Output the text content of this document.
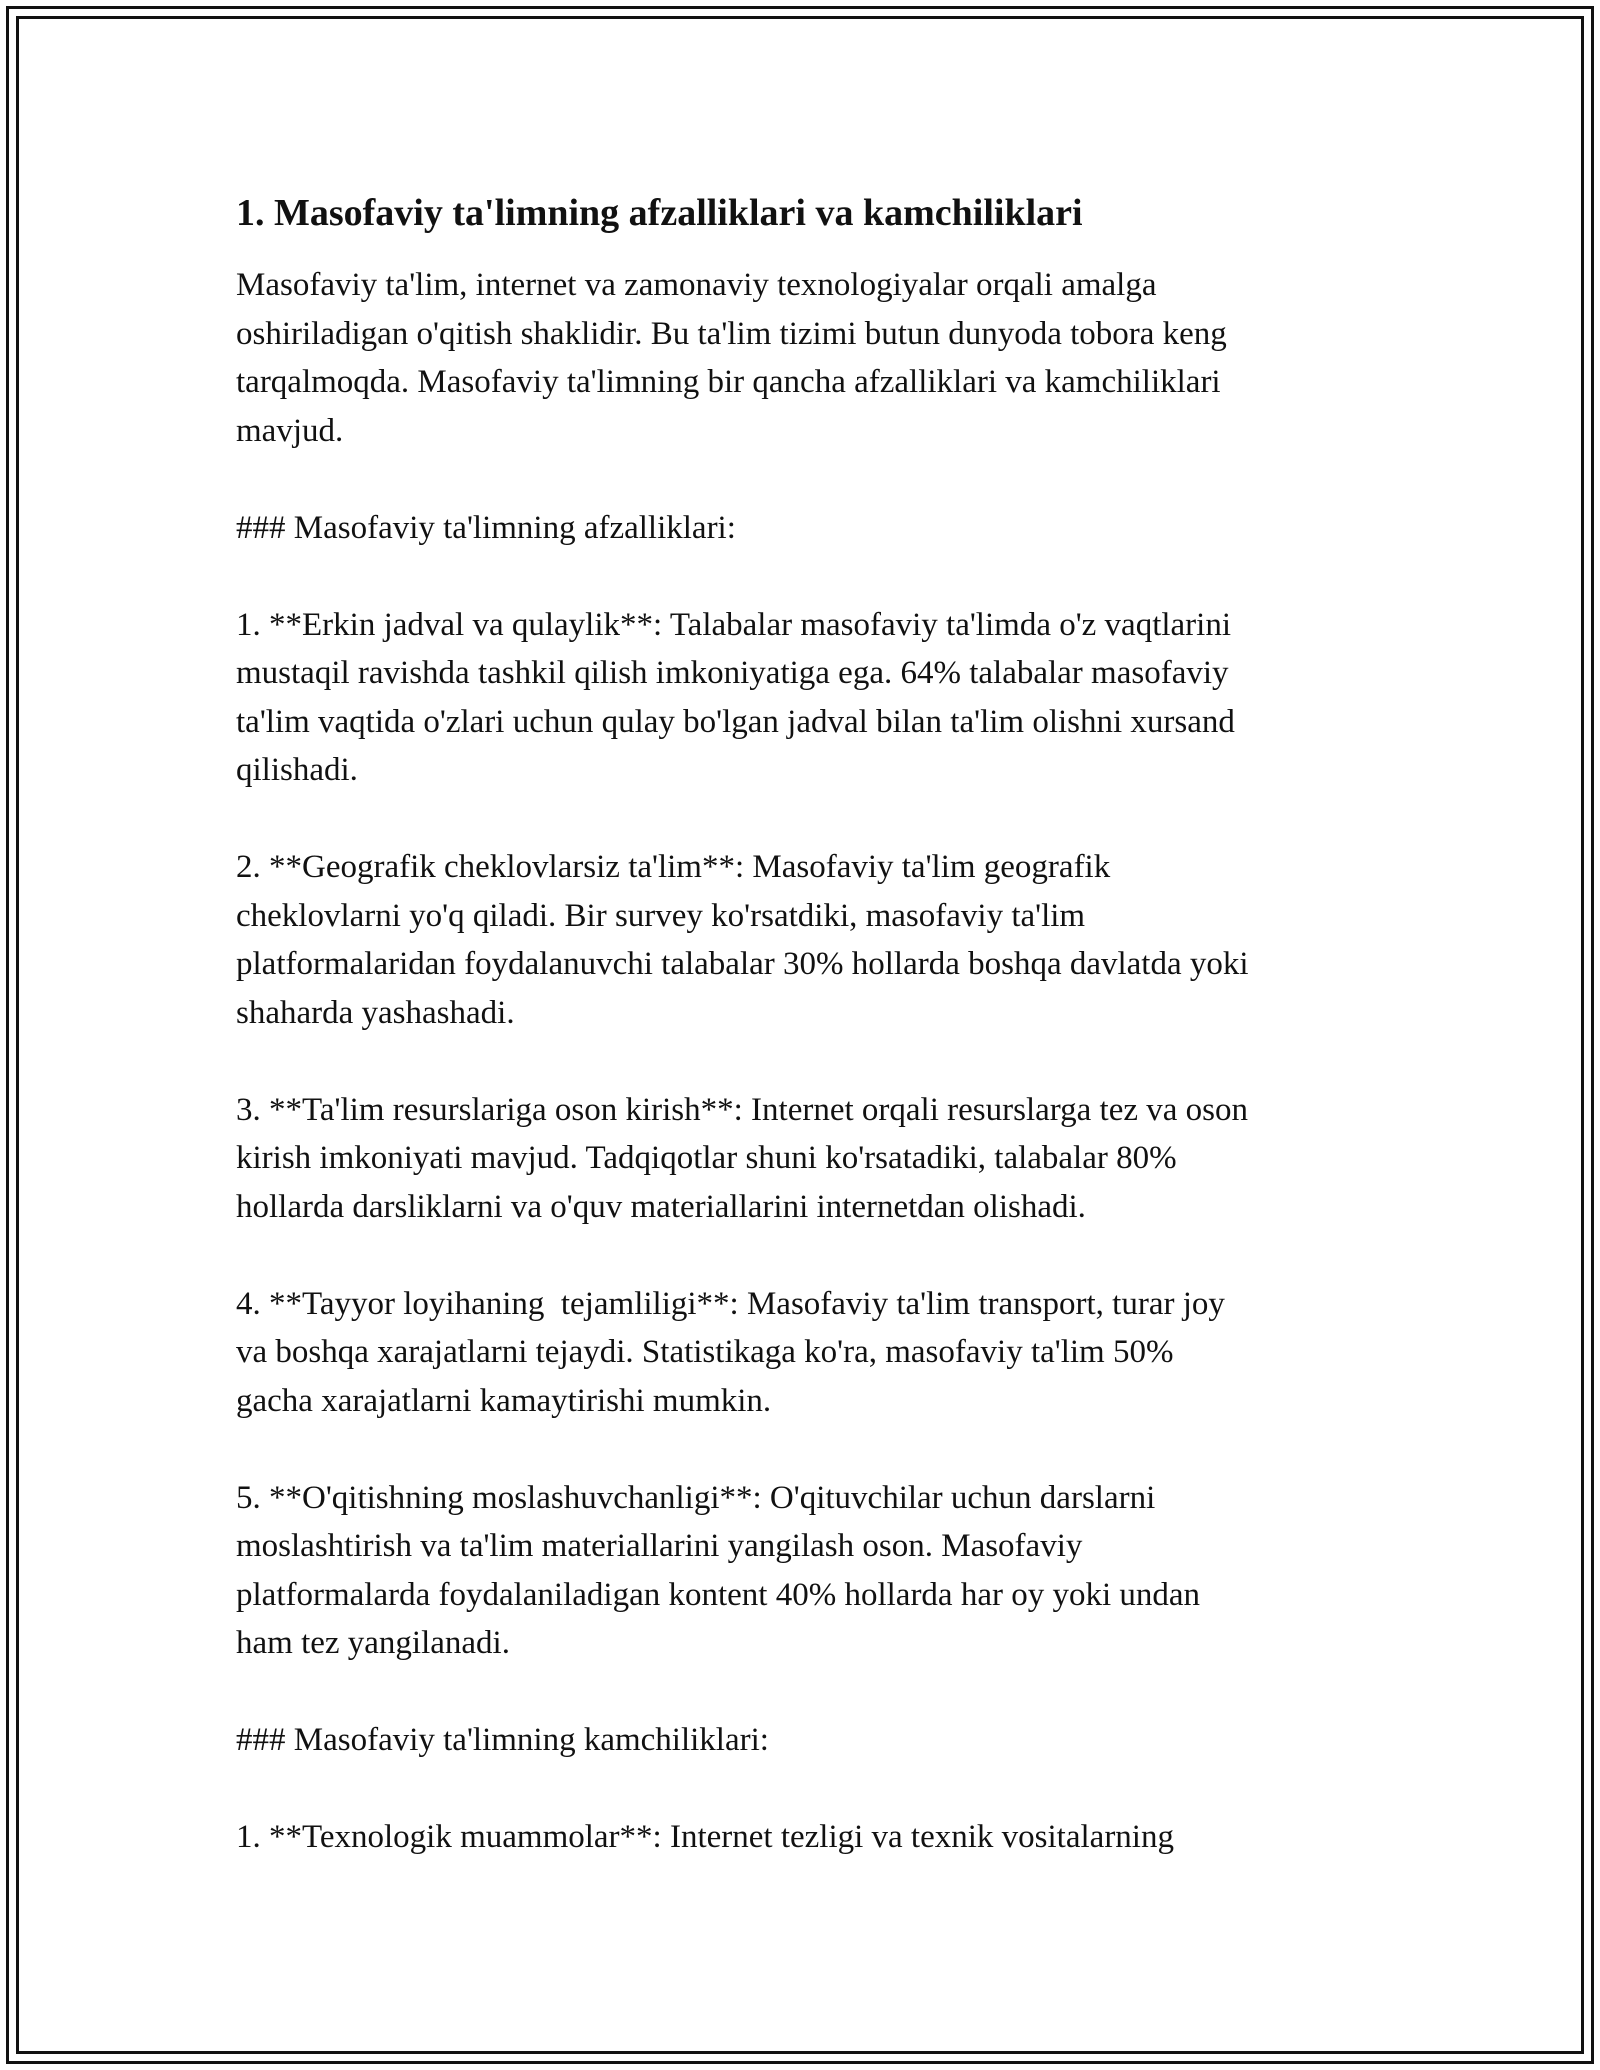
1. Masofaviy ta'limning afzalliklari va kamchiliklari

Masofaviy ta'lim, internet va zamonaviy texnologiyalar orqali amalga
oshiriladigan o'qitish shaklidir. Bu ta'lim tizimi butun dunyoda tobora keng
tarqalmoqda. Masofaviy ta'limning bir qancha afzalliklari va kamchiliklari
mavjud.

### Masofaviy ta'limning afzalliklari:

1. **Erkin jadval va qulaylik**: Talabalar masofaviy ta'limda o'z vaqtlarini
mustaqil ravishda tashkil qilish imkoniyatiga ega. 64% talabalar masofaviy
ta'lim vaqtida o'zlari uchun qulay bo'lgan jadval bilan ta'lim olishni xursand
qilishadi.

2. **Geografik cheklovlarsiz ta'lim**: Masofaviy ta'lim geografik
cheklovlarni yo'q qiladi. Bir survey ko'rsatdiki, masofaviy ta'lim
platformalaridan foydalanuvchi talabalar 30% hollarda boshqa davlatda yoki
shaharda yashashadi.

3. **Ta'lim resurslariga oson kirish**: Internet orqali resurslarga tez va oson
kirish imkoniyati mavjud. Tadqiqotlar shuni ko'rsatadiki, talabalar 80%
hollarda darsliklarni va o'quv materiallarini internetdan olishadi.

4. **Tayyor loyihaning  tejamliligi**: Masofaviy ta'lim transport, turar joy
va boshqa xarajatlarni tejaydi. Statistikaga ko'ra, masofaviy ta'lim 50%
gacha xarajatlarni kamaytirishi mumkin.

5. **O'qitishning moslashuvchanligi**: O'qituvchilar uchun darslarni
moslashtirish va ta'lim materiallarini yangilash oson. Masofaviy
platformalarda foydalaniladigan kontent 40% hollarda har oy yoki undan
ham tez yangilanadi.

### Masofaviy ta'limning kamchiliklari:

1. **Texnologik muammolar**: Internet tezligi va texnik vositalarning
